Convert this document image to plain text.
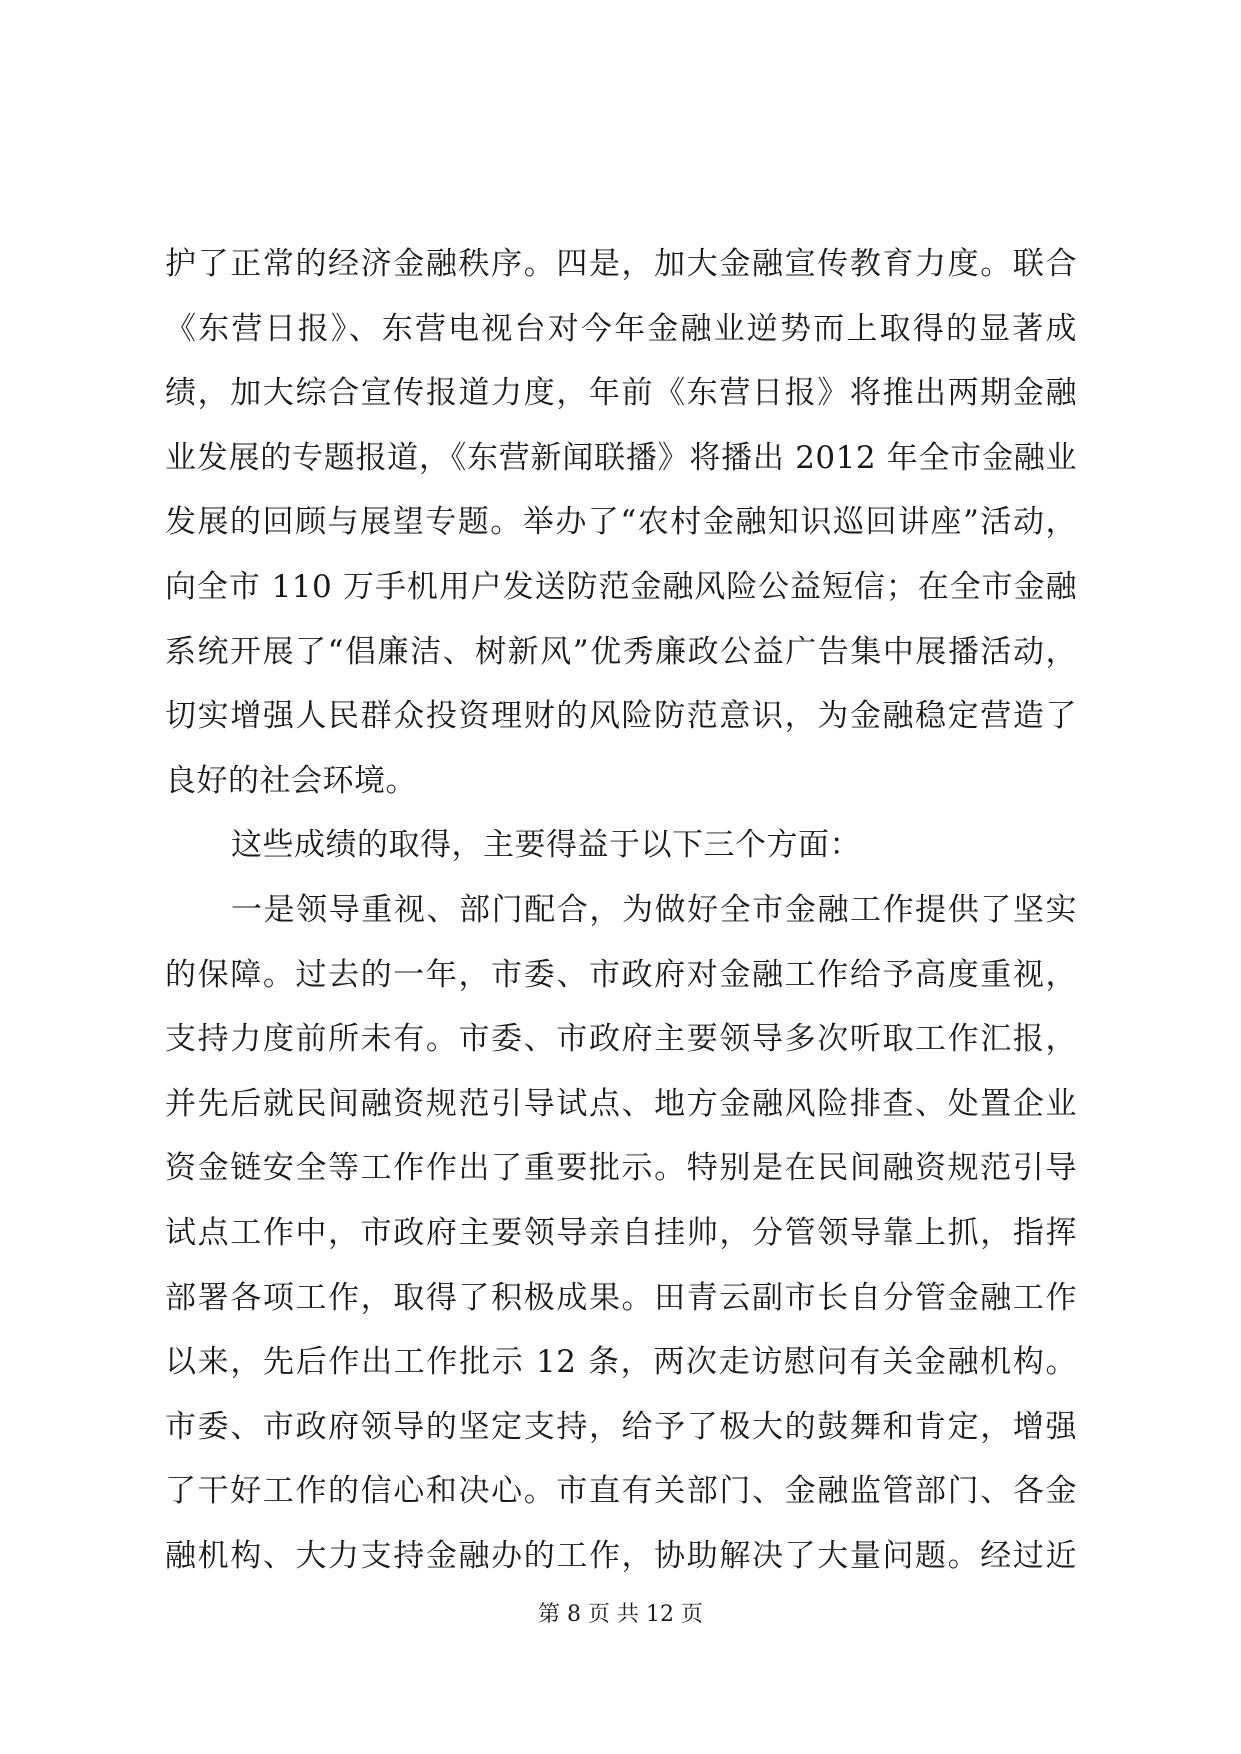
护了正常的经济金融秩序。四是，加大金融宣传教育力度。联合
《东营日报》、东营电视台对今年金融业逆势而上取得的显著成
绩，加大综合宣传报道力度，年前《东营日报》将推出两期金融
业发展的专题报道，《东营新闻联播》将播出 2012 年全市金融业
发展的回顾与展望专题。举办了“农村金融知识巡回讲座”活动，
向全市 110 万手机用户发送防范金融风险公益短信；在全市金融
系统开展了“倡廉洁、树新风”优秀廉政公益广告集中展播活动，
切实增强人民群众投资理财的风险防范意识，为金融稳定营造了
良好的社会环境。
这些成绩的取得，主要得益于以下三个方面：
一是领导重视、部门配合，为做好全市金融工作提供了坚实
的保障。过去的一年，市委、市政府对金融工作给予高度重视，
支持力度前所未有。市委、市政府主要领导多次听取工作汇报，
并先后就民间融资规范引导试点、地方金融风险排查、处置企业
资金链安全等工作作出了重要批示。特别是在民间融资规范引导
试点工作中，市政府主要领导亲自挂帅，分管领导靠上抓，指挥
部署各项工作，取得了积极成果。田青云副市长自分管金融工作
以来，先后作出工作批示 12 条，两次走访慰问有关金融机构。
市委、市政府领导的坚定支持，给予了极大的鼓舞和肯定，增强
了干好工作的信心和决心。市直有关部门、金融监管部门、各金
融机构、大力支持金融办的工作，协助解决了大量问题。经过近
第 8 页 共 12 页
